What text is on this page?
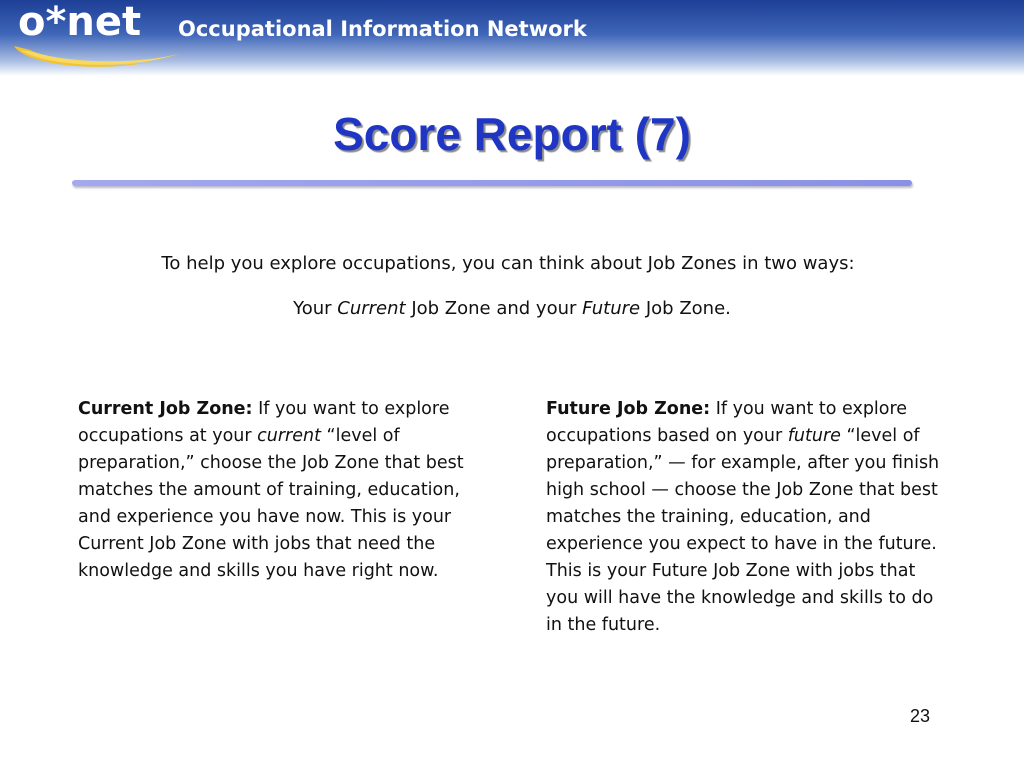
o*net Occupational Information Network
Score Report (7)
To help you explore occupations, you can think about Job Zones in two ways:
Your Current Job Zone and your Future Job Zone.
Current Job Zone: If you want to explore occupations at your current “level of preparation,” choose the Job Zone that best matches the amount of training, education, and experience you have now. This is your Current Job Zone with jobs that need the knowledge and skills you have right now.
Future Job Zone: If you want to explore occupations based on your future “level of preparation,” — for example, after you finish high school — choose the Job Zone that best matches the training, education, and experience you expect to have in the future. This is your Future Job Zone with jobs that you will have the knowledge and skills to do in the future.
23
